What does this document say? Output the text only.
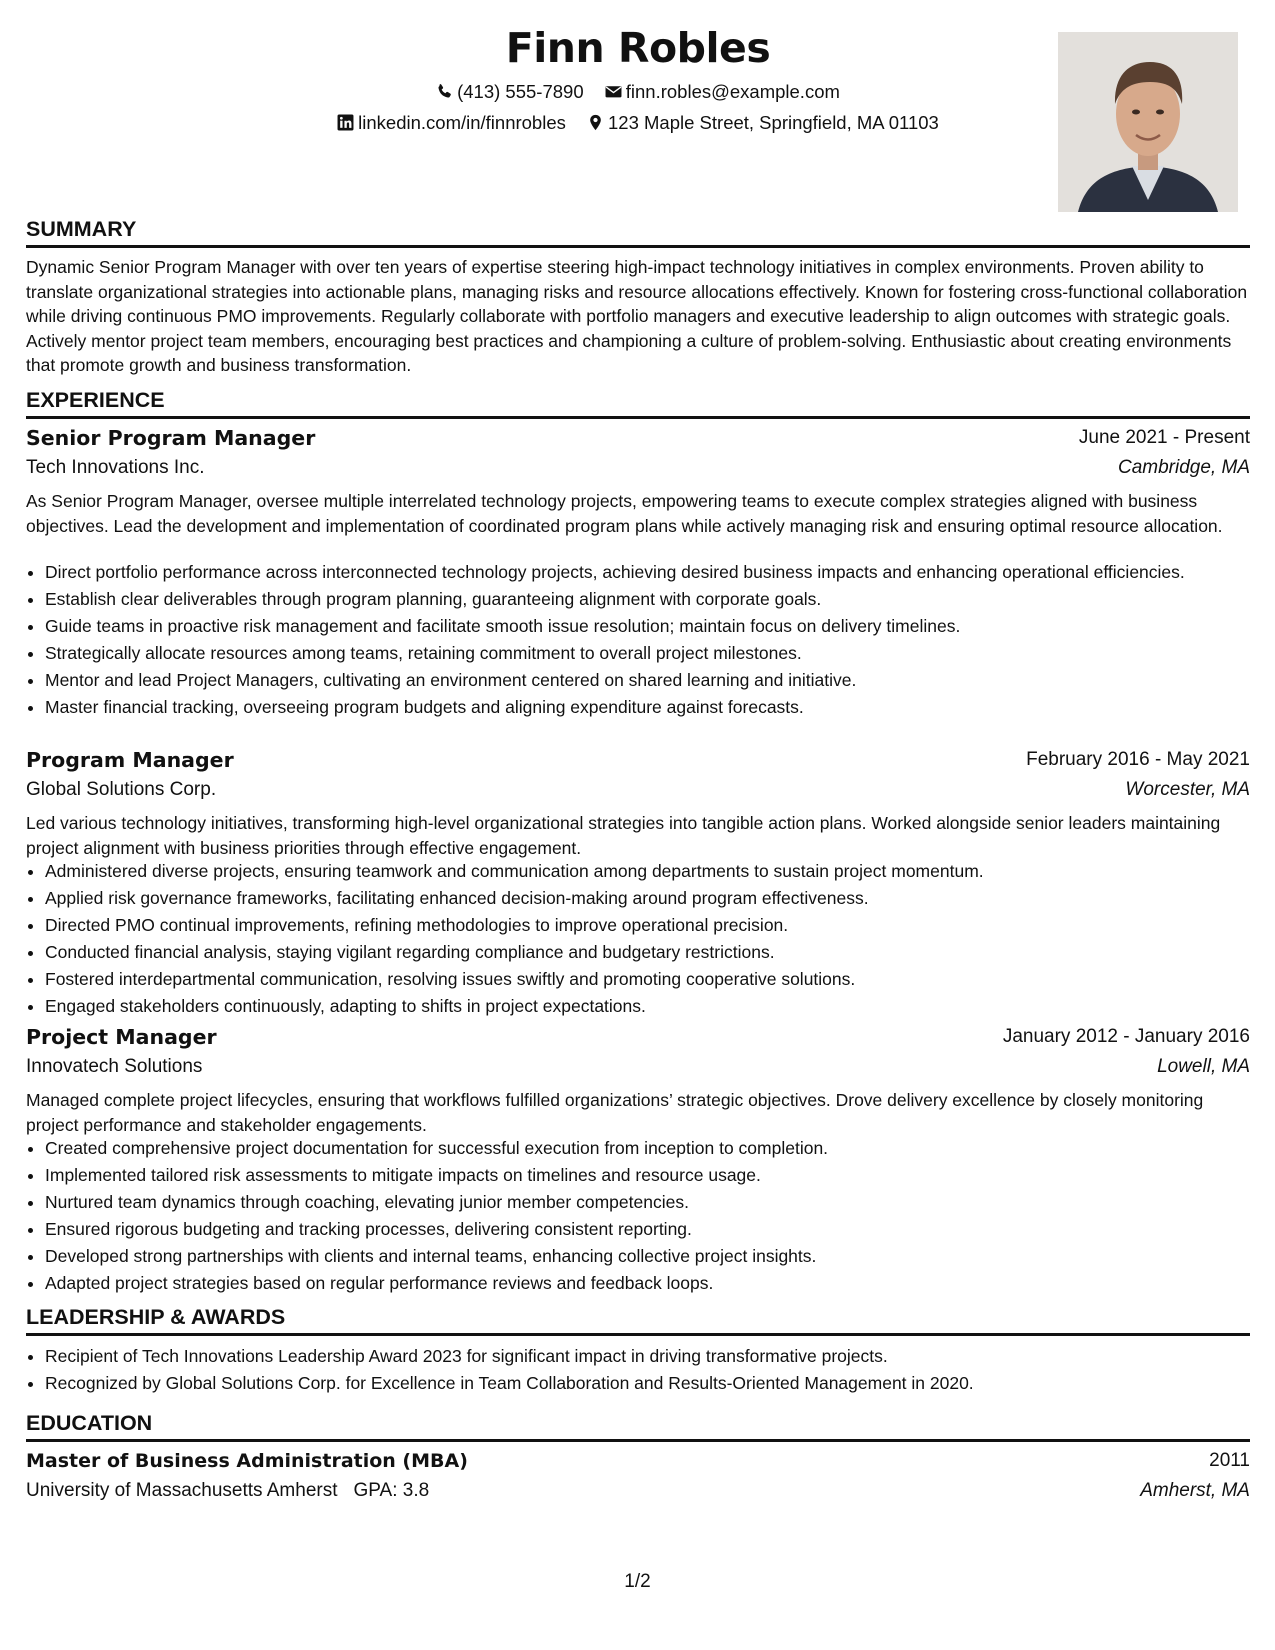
Finn Robles
(413) 555-7890 finn.robles@example.com
linkedin.com/in/finnrobles 123 Maple Street, Springfield, MA 01103
SUMMARY

Dynamic Senior Program Manager with over ten years of expertise steering high-impact technology initiatives in complex environments. Proven ability to translate organizational strategies into actionable plans, managing risks and resource allocations effectively. Known for fostering cross-functional collaboration while driving continuous PMO improvements. Regularly collaborate with portfolio managers and executive leadership to align outcomes with strategic goals. Actively mentor project team members, encouraging best practices and championing a culture of problem-solving. Enthusiastic about creating environments that promote growth and business transformation.

EXPERIENCE
Senior Program Manager	June 2021 - Present
Tech Innovations Inc.	Cambridge, MA

As Senior Program Manager, oversee multiple interrelated technology projects, empowering teams to execute complex strategies aligned with business objectives. Lead the development and implementation of coordinated program plans while actively managing risk and ensuring optimal resource allocation.

• Direct portfolio performance across interconnected technology projects, achieving desired business impacts and enhancing operational efficiencies.
• Establish clear deliverables through program planning, guaranteeing alignment with corporate goals.
• Guide teams in proactive risk management and facilitate smooth issue resolution; maintain focus on delivery timelines.
• Strategically allocate resources among teams, retaining commitment to overall project milestones.
• Mentor and lead Project Managers, cultivating an environment centered on shared learning and initiative.
• Master financial tracking, overseeing program budgets and aligning expenditure against forecasts.
Program Manager	February 2016 - May 2021
Global Solutions Corp.	Worcester, MA

Led various technology initiatives, transforming high-level organizational strategies into tangible action plans. Worked alongside senior leaders maintaining project alignment with business priorities through effective engagement.

• Administered diverse projects, ensuring teamwork and communication among departments to sustain project momentum.
• Applied risk governance frameworks, facilitating enhanced decision-making around program effectiveness.
• Directed PMO continual improvements, refining methodologies to improve operational precision.
• Conducted financial analysis, staying vigilant regarding compliance and budgetary restrictions.
• Fostered interdepartmental communication, resolving issues swiftly and promoting cooperative solutions.
• Engaged stakeholders continuously, adapting to shifts in project expectations.
Project Manager	January 2012 - January 2016
Innovatech Solutions	Lowell, MA

Managed complete project lifecycles, ensuring that workflows fulfilled organizations’ strategic objectives. Drove delivery excellence by closely monitoring project performance and stakeholder engagements.

• Created comprehensive project documentation for successful execution from inception to completion.
• Implemented tailored risk assessments to mitigate impacts on timelines and resource usage.
• Nurtured team dynamics through coaching, elevating junior member competencies.
• Ensured rigorous budgeting and tracking processes, delivering consistent reporting.
• Developed strong partnerships with clients and internal teams, enhancing collective project insights.
• Adapted project strategies based on regular performance reviews and feedback loops.
LEADERSHIP & AWARDS
• Recipient of Tech Innovations Leadership Award 2023 for significant impact in driving transformative projects.
• Recognized by Global Solutions Corp. for Excellence in Team Collaboration and Results-Oriented Management in 2020.
EDUCATION
Master of Business Administration (MBA)	2011
University of Massachusetts Amherst GPA: 3.8	Amherst, MA
1/2
